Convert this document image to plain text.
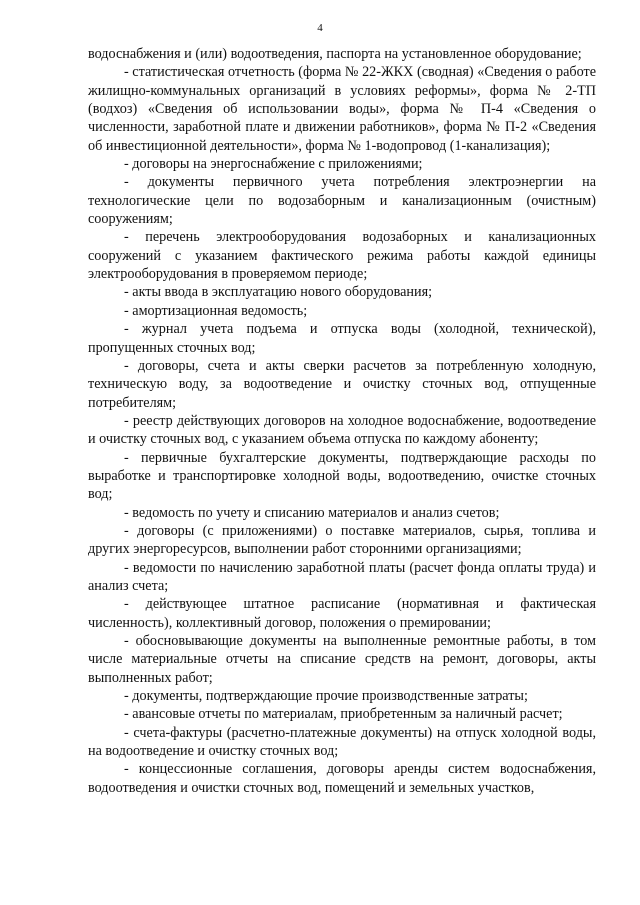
4

водоснабжения и (или) водоотведения, паспорта на установленное оборудование;

- статистическая отчетность (форма № 22-ЖКХ (сводная) «Сведения о работе жилищно-коммунальных организаций в условиях реформы», форма № 2-ТП (водхоз) «Сведения об использовании воды», форма № П-4 «Сведения о численности, заработной плате и движении работников», форма № П-2 «Сведения об инвестиционной деятельности», форма № 1-водопровод (1-канализация);

- договоры на энергоснабжение с приложениями;

- документы первичного учета потребления электроэнергии на технологические цели по водозаборным и канализационным (очистным) сооружениям;

- перечень электрооборудования водозаборных и канализационных сооружений с указанием фактического режима работы каждой единицы электрооборудования в проверяемом периоде;

- акты ввода в эксплуатацию нового оборудования;

- амортизационная ведомость;

- журнал учета подъема и отпуска воды (холодной, технической), пропущенных сточных вод;

- договоры, счета и акты сверки расчетов за потребленную холодную, техническую воду, за водоотведение и очистку сточных вод, отпущенные потребителям;

- реестр действующих договоров на холодное водоснабжение, водоотведение и очистку сточных вод, с указанием объема отпуска по каждому абоненту;

- первичные бухгалтерские документы, подтверждающие расходы по выработке и транспортировке холодной воды, водоотведению, очистке сточных вод;

- ведомость по учету и списанию материалов и анализ счетов;

- договоры (с приложениями) о поставке материалов, сырья, топлива и других энергоресурсов, выполнении работ сторонними организациями;

- ведомости по начислению заработной платы (расчет фонда оплаты труда) и анализ счета;

- действующее штатное расписание (нормативная и фактическая численность), коллективный договор, положения о премировании;

- обосновывающие документы на выполненные ремонтные работы, в том числе материальные отчеты на списание средств на ремонт, договоры, акты выполненных работ;

- документы, подтверждающие прочие производственные затраты;

- авансовые отчеты по материалам, приобретенным за наличный расчет;

- счета-фактуры (расчетно-платежные документы) на отпуск холодной воды, на водоотведение и очистку сточных вод;

- концессионные соглашения, договоры аренды систем водоснабжения, водоотведения и очистки сточных вод, помещений и земельных участков,
